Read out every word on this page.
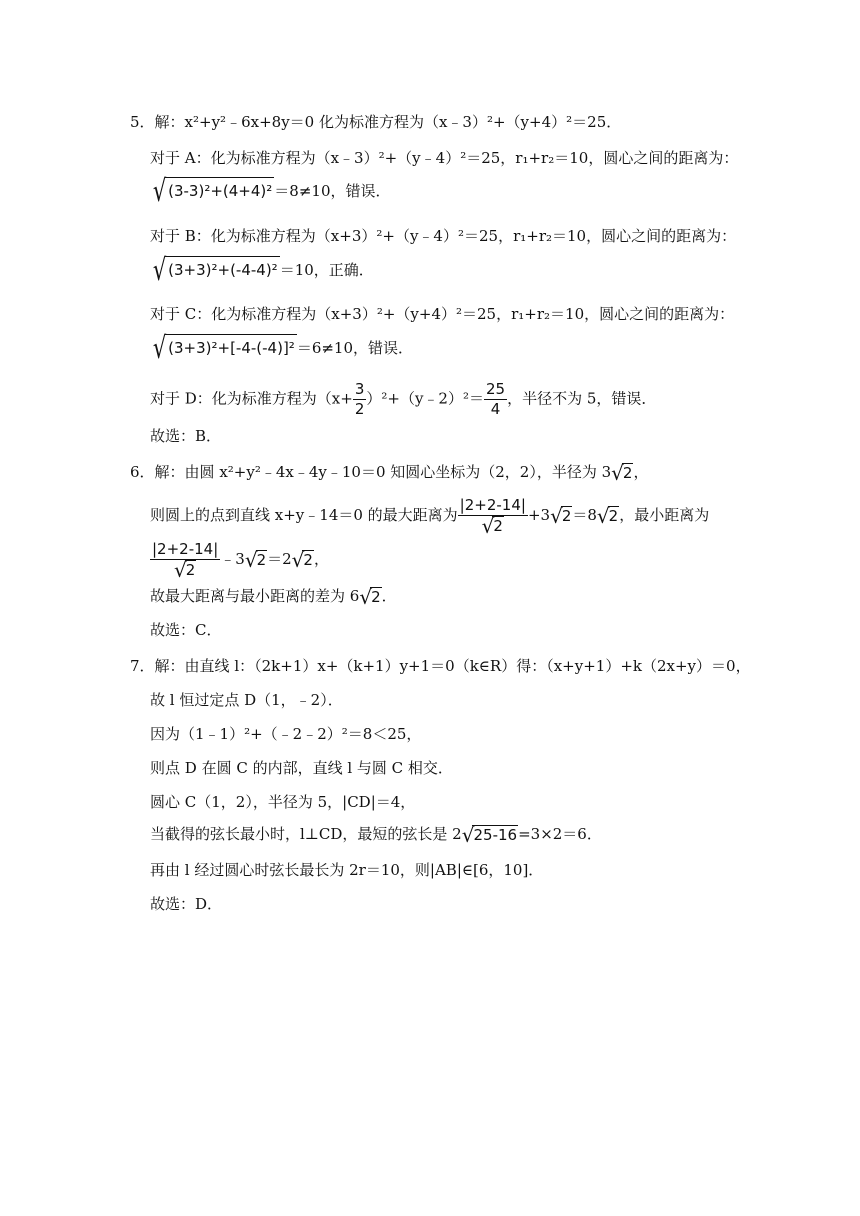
5．解：x²+y²﹣6x+8y＝0 化为标准方程为（x﹣3）²+（y+4）²＝25．
对于 A：化为标准方程为（x﹣3）²+（y﹣4）²＝25，r₁+r₂＝10，圆心之间的距离为：
√ (3-3)²+(4+4)² ＝8≠10，错误．
对于 B：化为标准方程为（x+3）²+（y﹣4）²＝25，r₁+r₂＝10，圆心之间的距离为：
√ (3+3)²+(-4-4)² ＝10，正确．
对于 C：化为标准方程为（x+3）²+（y+4）²＝25，r₁+r₂＝10，圆心之间的距离为：
√ (3+3)²+[-4-(-4)]² ＝6≠10，错误．
对于 D：化为标准方程为（$x+ \frac{3}{2}$ ）²+（y﹣2）²＝ $\frac{25}{4}$ ，半径不为 5，错误．
故选：B．
6．解：由圆 x²+y²﹣4x﹣4y﹣10＝0 知圆心坐标为（2，2），半径为 3 √ 2 ，
则圆上的点到直线 x+y﹣14＝0 的最大距离为 $\frac{|2+2-14|}{√ 2} +3$ √ 2 ＝8 √ 2 ，最小距离为
$\frac{|2+2-14|}{√ 2}$ ﹣3 √ 2 ＝2 √ 2 ，
故最大距离与最小距离的差为 6 √ 2 ．
故选：C．
7．解：由直线 l：（2k+1）x+（k+1）y+1＝0（k∈R）得：（x+y+1）+k（2x+y）＝0，
故 l 恒过定点 D（1，﹣2）．
因为（1﹣1）²+（﹣2﹣2）²＝8＜25，
则点 D 在圆 C 的内部，直线 l 与圆 C 相交．
圆心 C（1，2），半径为 5，|CD|＝4，
当截得的弦长最小时，l⊥CD，最短的弦长是 2 √ 25-16 =3×2＝6．
再由 l 经过圆心时弦长最长为 2r＝10，则|AB|∈[6，10]．
故选：D．
